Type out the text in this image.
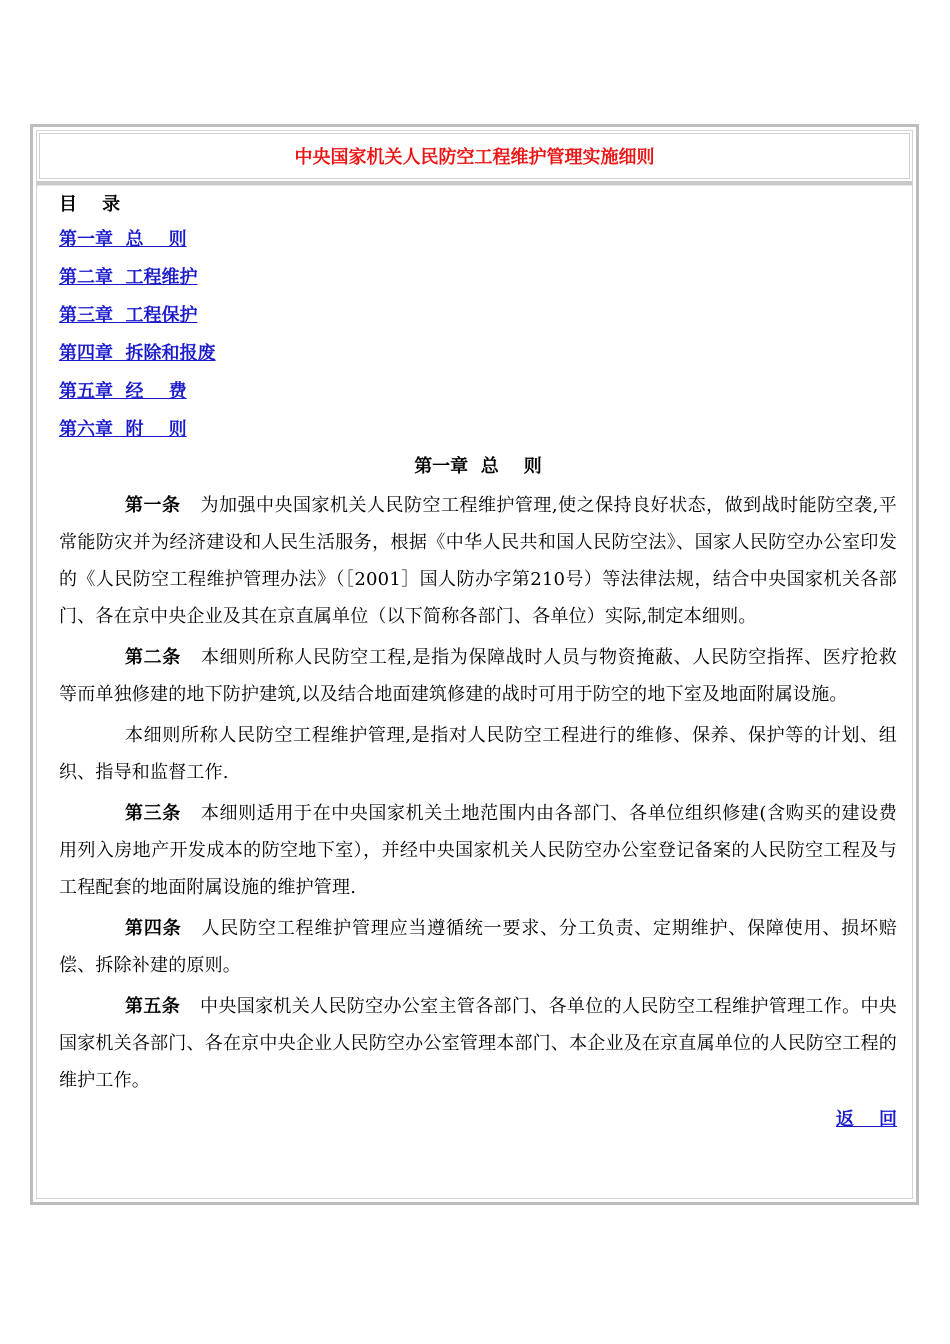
中央国家机关人民防空工程维护管理实施细则
目    录
第一章  总    则
第二章  工程维护
第三章  工程保护
第四章  拆除和报废
第五章  经    费
第六章  附    则
第一章  总    则

第一条 为加强中央国家机关人民防空工程维护管理,使之保持良好状态，做到战时能防空袭,平常能防灾并为经济建设和人民生活服务，根据《中华人民共和国人民防空法》、国家人民防空办公室印发的《人民防空工程维护管理办法》（［2001］国人防办字第210号）等法律法规，结合中央国家机关各部门、各在京中央企业及其在京直属单位（以下简称各部门、各单位）实际,制定本细则。

第二条 本细则所称人民防空工程,是指为保障战时人员与物资掩蔽、人民防空指挥、医疗抢救等而单独修建的地下防护建筑,以及结合地面建筑修建的战时可用于防空的地下室及地面附属设施。

本细则所称人民防空工程维护管理,是指对人民防空工程进行的维修、保养、保护等的计划、组织、指导和监督工作.

第三条 本细则适用于在中央国家机关土地范围内由各部门、各单位组织修建(含购买的建设费用列入房地产开发成本的防空地下室），并经中央国家机关人民防空办公室登记备案的人民防空工程及与工程配套的地面附属设施的维护管理.

第四条 人民防空工程维护管理应当遵循统一要求、分工负责、定期维护、保障使用、损坏赔偿、拆除补建的原则。

第五条 中央国家机关人民防空办公室主管各部门、各单位的人民防空工程维护管理工作。中央国家机关各部门、各在京中央企业人民防空办公室管理本部门、本企业及在京直属单位的人民防空工程的维护工作。

返    回
